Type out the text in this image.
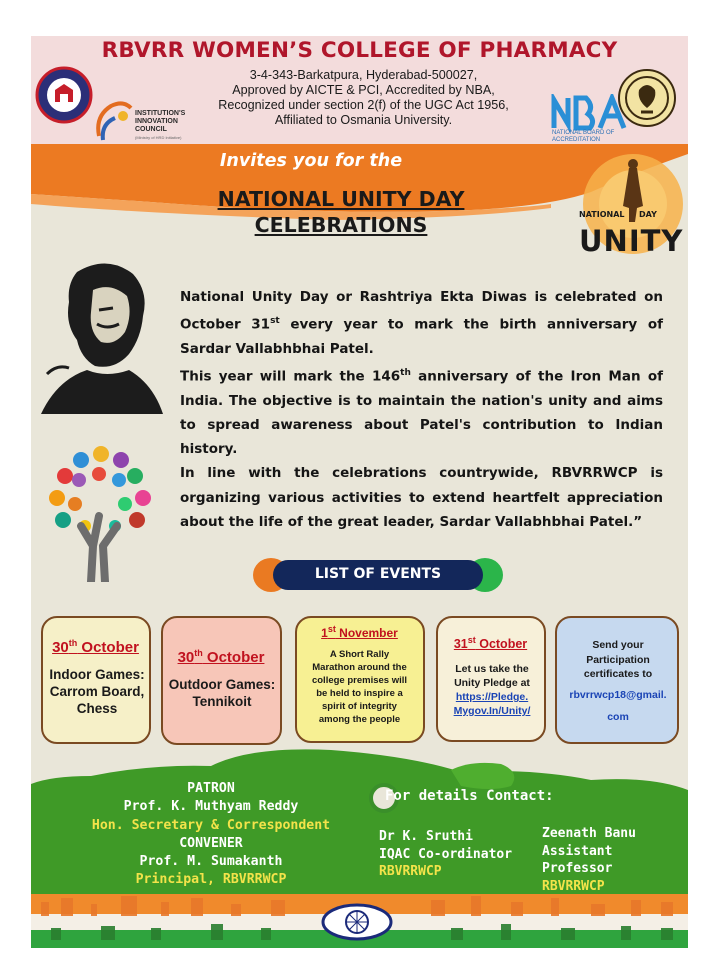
RBVRR WOMEN’S COLLEGE OF PHARMACY
3-4-343-Barkatpura, Hyderabad-500027,
Approved by AICTE & PCI, Accredited by NBA,
Recognized under section 2(f) of the UGC Act 1956,
Affiliated to Osmania University.
INSTITUTION'S
INNOVATION
COUNCIL
(Ministry of HRD Initiative)
NATIONAL BOARD OF ACCREDITATION
Invites you for the
NATIONAL UNITY DAY
CELEBRATIONS	NATIONAL DAY
UNITY

National Unity Day or Rashtriya Ekta Diwas is celebrated on October 31st every year to mark the birth anniversary of Sardar Vallabhbhai Patel.

This year will mark the 146th anniversary of the Iron Man of India. The objective is to maintain the nation's unity and aims to spread awareness about Patel's contribution to Indian history.

In line with the celebrations countrywide, RBVRRWCP is organizing various activities to extend heartfelt appreciation about the life of the great leader, Sardar Vallabhbhai Patel.”

LIST OF EVENTS
30th October
Indoor Games:
Carrom Board,
Chess
30th October
Outdoor Games:
Tennikoit
1st November
A Short Rally
Marathon around the
college premises will
be held to inspire a
spirit of integrity
among the people
31st October
Let us take the
Unity Pledge at
https://Pledge.
Mygov.In/Unity/
Send your
Participation
certificates to
rbvrrwcp18@gmail.
com
PATRON
Prof. K. Muthyam Reddy
Hon. Secretary & Correspondent
CONVENER
Prof. M. Sumakanth
Principal, RBVRRWCP
For details Contact:
Dr K. Sruthi
IQAC Co-ordinator
RBVRRWCP
Zeenath Banu
Assistant Professor
RBVRRWCP
